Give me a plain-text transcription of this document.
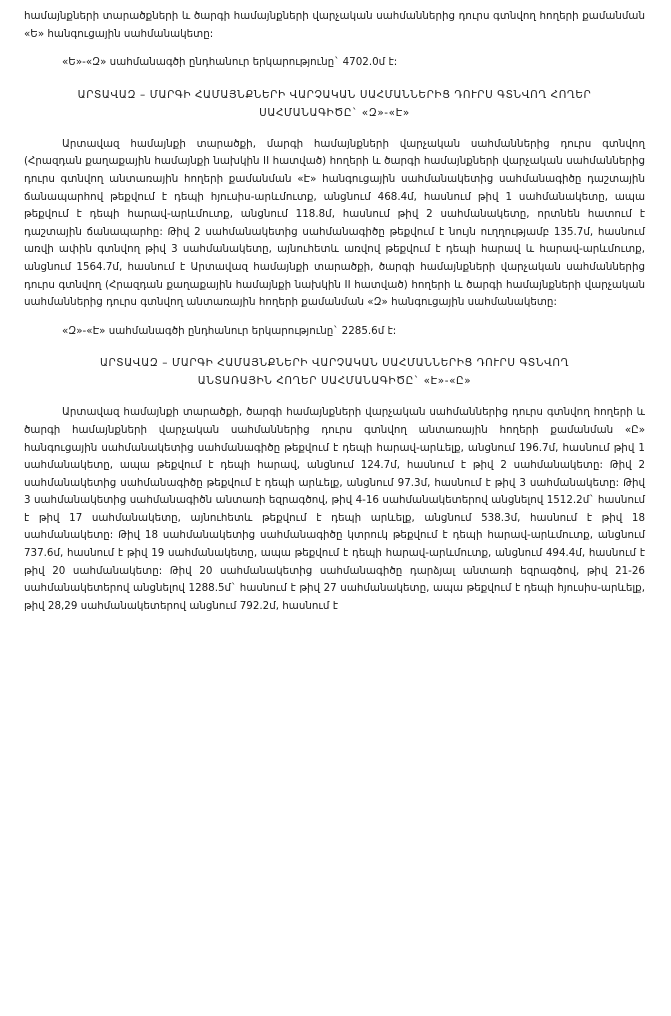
համայնքների տարածքների և ծարգի համայնքների վարչական սահմաններից դուրս գտնվող հողերի քամանման «Ե» հանգուցային սահմանակետը:

«Ե»-«Զ» սահմանագծի ընդհանուր երկարությունը` 4702.0մ է:

ԱՐՏԱՎԱԶ – ՄԱՐԳԻ ՀԱՄԱՅՆՔՆԵՐԻ ՎԱՐՉԱԿԱՆ ՍԱՀՄԱՆՆԵՐԻՑ ԴՈՒՐՍ ԳՏՆՎՈՂ ՀՈՂԵՐ
ՍԱՀՄԱՆԱԳԻԾԸ` «Զ»-«Է»

Արտավազ համայնքի տարածքի, մարգի համայնքների վարչական սահմաններից դուրս գտնվող (Հրազդան քաղաքային համայնքի նախկին II հատված) հողերի և ծարգի համայնքների վարչական սահմաններից դուրս գտնվող անտառային հողերի քամանման «Է» հանգուցային սահմանակետից սահմանագիծը դաշտային ճանապարհով թեքվում է դեպի հյուսիս-արևմուտք, անցնում 468.4մ, հասնում թիվ 1 սահմանակետը, ապա թեքվում է դեպի հարավ-արևմուտք, անցնում 118.8մ, հասնում թիվ 2 սահմանակետը, որտնեն հատում է դաշտային ճանապարհը: Թիվ 2 սահմանակետից սահմանագիծը թեքվում է նույն ուղղությամբ 135.7մ, հասնում առվի ափին գտնվող թիվ 3 սահմանակետը, այնուհետև առվով թեքվում է դեպի հարավ և հարավ-արևմուտք, անցնում 1564.7մ, հասնում է Արտավազ համայնքի տարածքի, ծարգի համայնքների վարչական սահմաններից դուրս գտնվող (Հրազդան քաղաքային համայնքի նախկին II հատված) հողերի և ծարգի համայնքների վարչական սահմաններից դուրս գտնվող անտառային հողերի քամանման «Զ» հանգուցային սահմանակետը:

«Զ»-«Է» սահմանագծի ընդհանուր երկարությունը` 2285.6մ է:

ԱՐՏԱՎԱԶ – ՄԱՐԳԻ ՀԱՄԱՅՆՔՆԵՐԻ ՎԱՐՉԱԿԱՆ ՍԱՀՄԱՆՆԵՐԻՑ ԴՈՒՐՍ ԳՏՆՎՈՂ
ԱՆՏԱՌԱՅԻՆ ՀՈՂԵՐ ՍԱՀՄԱՆԱԳԻԾԸ` «Է»-«Ը»

Արտավազ համայնքի տարածքի, ծարգի համայնքների վարչական սահմաններից դուրս գտնվող հողերի և ծարգի համայնքների վարչական սահմաններից դուրս գտնվող անտառային հողերի քամանման «Ը» հանգուցային սահմանակետից սահմանագիծը թեքվում է դեպի հարավ-արևելք, անցնում 196.7մ, հասնում թիվ 1 սահմանակետը, ապա թեքվում է դեպի հարավ, անցնում 124.7մ, հասնում է թիվ 2 սահմանակետը: Թիվ 2 սահմանակետից սահմանագիծը թեքվում է դեպի արևելք, անցնում 97.3մ, հասնում է թիվ 3 սահմանակետը: Թիվ 3 սահմանակետից սահմանագիծն անտառի եզրագծով, թիվ 4-16 սահմանակետերով անցնելով 1512.2մ` հասնում է թիվ 17 սահմանակետը, այնուհետև թեքվում է դեպի արևելք, անցնում 538.3մ, հասնում է թիվ 18 սահմանակետը: Թիվ 18 սահմանակետից սահմանագիծը կտրուկ թեքվում է դեպի հարավ-արևմուտք, անցնում 737.6մ, հասնում է թիվ 19 սահմանակետը, ապա թեքվում է դեպի հարավ-արևմուտք, անցնում 494.4մ, հասնում է թիվ 20 սահմանակետը: Թիվ 20 սահմանակետից սահմանագիծը դարձյալ անտառի եզրագծով, թիվ 21-26 սահմանակետերով անցնելով 1288.5մ` հասնում է թիվ 27 սահմանակետը, ապա թեքվում է դեպի հյուսիս-արևելք, թիվ 28,29 սահմանակետերով անցնում 792.2մ, հասնում է
